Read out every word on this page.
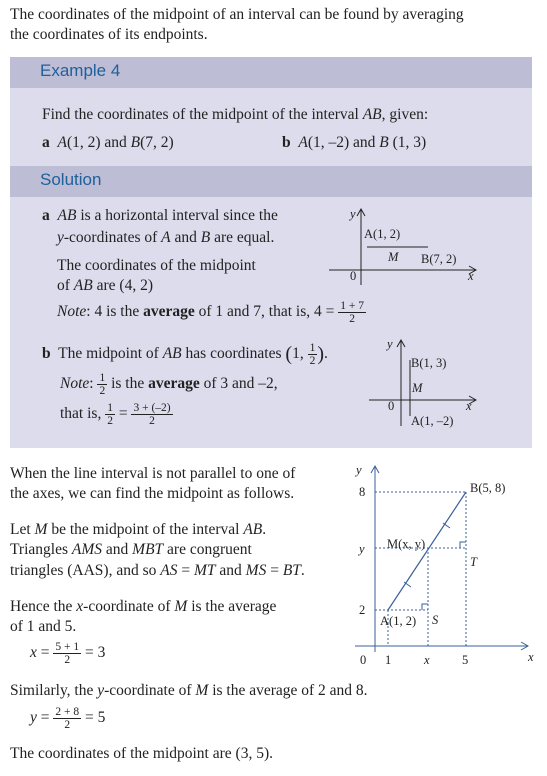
The coordinates of the midpoint of an interval can be found by averaging
the coordinates of its endpoints.
Example 4
Find the coordinates of the midpoint of the interval AB, given:
a A(1, 2) and B(7, 2)	b A(1, –2) and B (1, 3)
Solution
a AB is a horizontal interval since the
y-coordinates of A and B are equal.
The coordinates of the midpoint
of AB are (4, 2)
Note: 4 is the average of 1 and 7, that is, $4 = \frac{1 + 7}{2}$
y
x
0
A(1, 2)
M B(7, 2)
b  The midpoint of AB has coordinates (1, $\frac{1}{2}$ ).
Note: $\frac{1}{2}$ is the average of 3 and –2,
that is, $\frac{1}{2} = \frac{3 + (-2)}{2}$
y
x
0
B(1, 3)
M
A(1, –2)
When the line interval is not parallel to one of
the axes, we can find the midpoint as follows.
Let M be the midpoint of the interval AB.
Triangles AMS and MBT are congruent
triangles (AAS), and so AS = MT and MS = BT.
Hence the x-coordinate of M is the average
of 1 and 5.
$x = \frac{5 + 1}{2} = 3$
Similarly, the y-coordinate of M is the average of 2 and 8.
$y = \frac{2 + 8}{2} = 5$
The coordinates of the midpoint are (3, 5).
y
x
0
8
y
2
1	x	5
B(5, 8)
M(x, y)
A(1, 2) S
T
